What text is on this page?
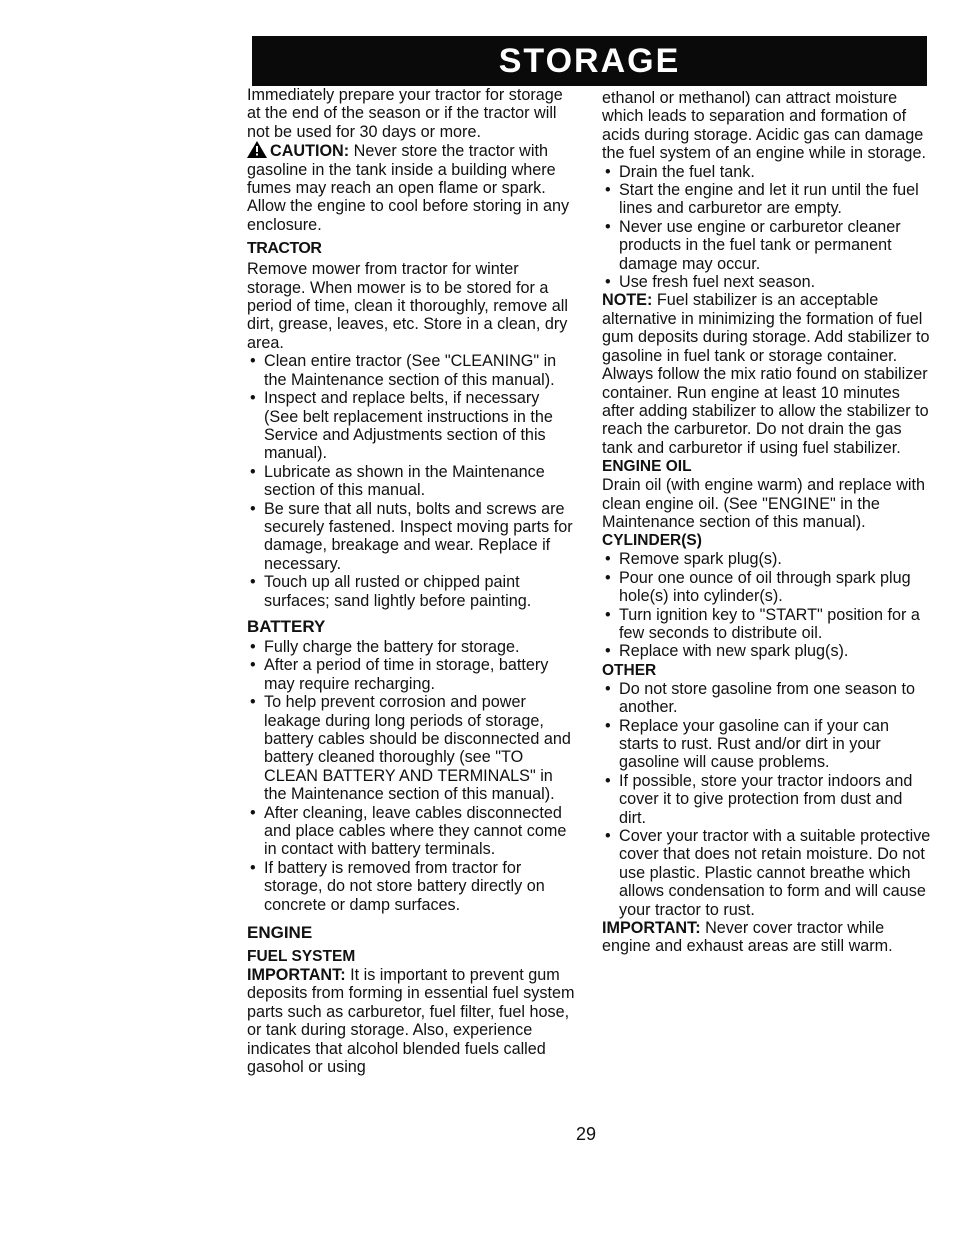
STORAGE

Immediately prepare your tractor for storage at the end of the season or if the tractor will not be used for 30 days or more.

CAUTION: Never store the tractor with gasoline in the tank inside a building where fumes may reach an open flame or spark. Allow the engine to cool before storing in any enclosure.

TRACTOR

Remove mower from tractor for winter storage. When mower is to be stored for a period of time, clean it thoroughly, remove all dirt, grease, leaves, etc. Store in a clean, dry area.

• Clean entire tractor (See "CLEANING" in the Maintenance section of this manual).
• Inspect and replace belts, if necessary (See belt replacement instructions in the Service and Adjustments section of this manual).
• Lubricate as shown in the Maintenance section of this manual.
• Be sure that all nuts, bolts and screws are securely fastened. Inspect moving parts for damage, breakage and wear. Replace if necessary.
• Touch up all rusted or chipped paint surfaces; sand lightly before painting.
BATTERY
• Fully charge the battery for storage.
• After a period of time in storage, battery may require recharging.
• To help prevent corrosion and power leakage during long periods of storage, battery cables should be disconnected and battery cleaned thoroughly (see "TO CLEAN BATTERY AND TERMINALS" in the Maintenance section of this manual).
• After cleaning, leave cables disconnected and place cables where they cannot come in contact with battery terminals.
• If battery is removed from tractor for storage, do not store battery directly on concrete or damp surfaces.
ENGINE
FUEL SYSTEM

IMPORTANT: It is important to prevent gum deposits from forming in essential fuel system parts such as carburetor, fuel filter, fuel hose, or tank during storage. Also, experience indicates that alcohol blended fuels called gasohol or using

ethanol or methanol) can attract moisture which leads to separation and formation of acids during storage. Acidic gas can damage the fuel system of an engine while in storage.

• Drain the fuel tank.
• Start the engine and let it run until the fuel lines and carburetor are empty.
• Never use engine or carburetor cleaner products in the fuel tank or permanent damage may occur.
• Use fresh fuel next season.

NOTE: Fuel stabilizer is an acceptable alternative in minimizing the formation of fuel gum deposits during storage. Add stabilizer to gasoline in fuel tank or storage container. Always follow the mix ratio found on stabilizer container. Run engine at least 10 minutes after adding stabilizer to allow the stabilizer to reach the carburetor. Do not drain the gas tank and carburetor if using fuel stabilizer.

ENGINE OIL

Drain oil (with engine warm) and replace with clean engine oil. (See "ENGINE" in the Maintenance section of this manual).

CYLINDER(S)
• Remove spark plug(s).
• Pour one ounce of oil through spark plug hole(s) into cylinder(s).
• Turn ignition key to "START" position for a few seconds to distribute oil.
• Replace with new spark plug(s).
OTHER
• Do not store gasoline from one season to another.
• Replace your gasoline can if your can starts to rust. Rust and/or dirt in your gasoline will cause problems.
• If possible, store your tractor indoors and cover it to give protection from dust and dirt.
• Cover your tractor with a suitable protective cover that does not retain moisture. Do not use plastic. Plastic cannot breathe which allows condensation to form and will cause your tractor to rust.

IMPORTANT: Never cover tractor while engine and exhaust areas are still warm.

29
